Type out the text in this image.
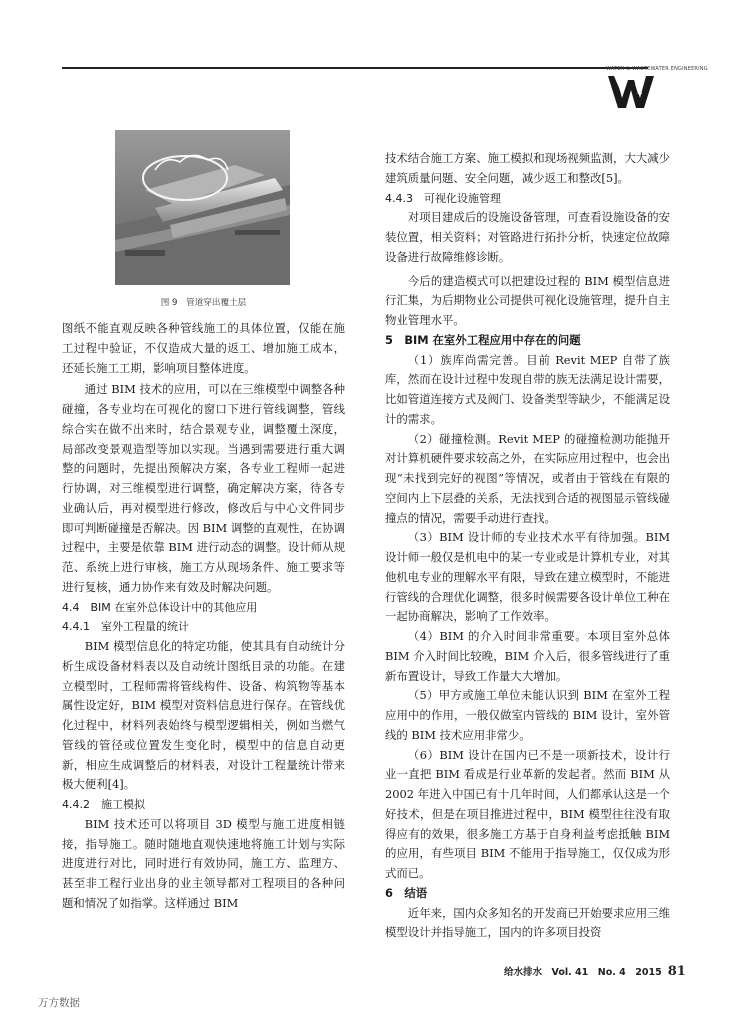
WATER & WASTEWATER ENGINEERING
图 9　管道穿出覆土层

图纸不能直观反映各种管线施工的具体位置，仅能在施工过程中验证，不仅造成大量的返工、增加施工成本，还延长施工工期，影响项目整体进度。

通过 BIM 技术的应用，可以在三维模型中调整各种碰撞，各专业均在可视化的窗口下进行管线调整，管线综合实在做不出来时，结合景观专业，调整覆土深度，局部改变景观造型等加以实现。当遇到需要进行重大调整的问题时，先提出预解决方案，各专业工程师一起进行协调，对三维模型进行调整，确定解决方案，待各专业确认后，再对模型进行修改，修改后与中心文件同步即可判断碰撞是否解决。因 BIM 调整的直观性，在协调过程中，主要是依靠 BIM 进行动态的调整。设计师从规范、系统上进行审核，施工方从现场条件、施工要求等进行复核，通力协作来有效及时解决问题。

4.4　BIM 在室外总体设计中的其他应用

4.4.1　室外工程量的统计

BIM 模型信息化的特定功能，使其具有自动统计分析生成设备材料表以及自动统计图纸目录的功能。在建立模型时，工程师需将管线构件、设备、构筑物等基本属性设定好，BIM 模型对资料信息进行保存。在管线优化过程中，材料列表始终与模型逻辑相关，例如当燃气管线的管径或位置发生变化时，模型中的信息自动更新，相应生成调整后的材料表，对设计工程量统计带来极大便利[4]。

4.4.2　施工模拟

BIM 技术还可以将项目 3D 模型与施工进度相链接，指导施工。随时随地直观快速地将施工计划与实际进度进行对比，同时进行有效协同，施工方、监理方、甚至非工程行业出身的业主领导都对工程项目的各种问题和情况了如指掌。这样通过 BIM

技术结合施工方案、施工模拟和现场视频监测，大大减少建筑质量问题、安全问题，减少返工和整改[5]。

4.4.3　可视化设施管理

对项目建成后的设施设备管理，可查看设施设备的安装位置，相关资料；对管路进行拓扑分析，快速定位故障设备进行故障维修诊断。

今后的建造模式可以把建设过程的 BIM 模型信息进行汇集，为后期物业公司提供可视化设施管理，提升自主物业管理水平。

5　BIM 在室外工程应用中存在的问题

（1）族库尚需完善。目前 Revit MEP 自带了族库，然而在设计过程中发现自带的族无法满足设计需要，比如管道连接方式及阀门、设备类型等缺少，不能满足设计的需求。

（2）碰撞检测。Revit MEP 的碰撞检测功能抛开对计算机硬件要求较高之外，在实际应用过程中，也会出现“未找到完好的视图”等情况，或者由于管线在有限的空间内上下层叠的关系，无法找到合适的视图显示管线碰撞点的情况，需要手动进行查找。

（3）BIM 设计师的专业技术水平有待加强。BIM 设计师一般仅是机电中的某一专业或是计算机专业，对其他机电专业的理解水平有限，导致在建立模型时，不能进行管线的合理优化调整，很多时候需要各设计单位工种在一起协商解决，影响了工作效率。

（4）BIM 的介入时间非常重要。本项目室外总体 BIM 介入时间比较晚，BIM 介入后，很多管线进行了重新布置设计，导致工作量大大增加。

（5）甲方或施工单位未能认识到 BIM 在室外工程应用中的作用，一般仅做室内管线的 BIM 设计，室外管线的 BIM 技术应用非常少。

（6）BIM 设计在国内已不是一项新技术，设计行业一直把 BIM 看成是行业革新的发起者。然而 BIM 从 2002 年进入中国已有十几年时间，人们都承认这是一个好技术，但是在项目推进过程中，BIM 模型往往没有取得应有的效果，很多施工方基于自身利益考虑抵触 BIM 的应用，有些项目 BIM 不能用于指导施工，仅仅成为形式而已。

6　结语

近年来，国内众多知名的开发商已开始要求应用三维模型设计并指导施工，国内的许多项目投资

给水排水　Vol. 41　No. 4　2015 81
万方数据
